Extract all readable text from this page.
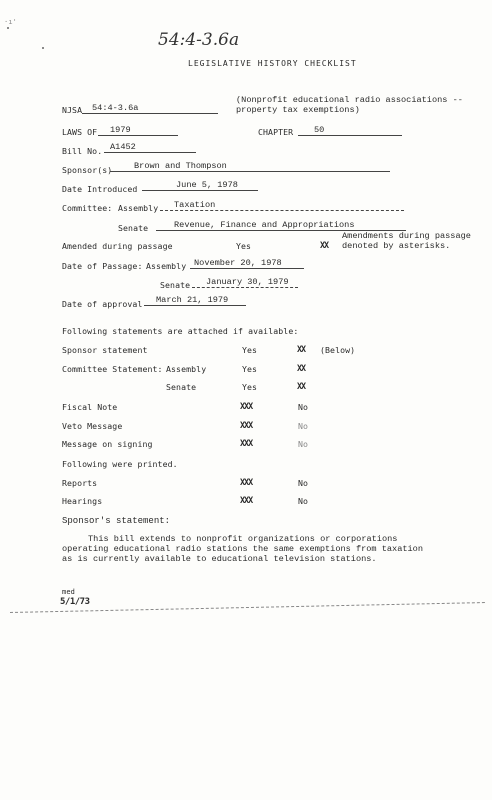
·ı'
54:4-3.6a
LEGISLATIVE HISTORY CHECKLIST
NJSA	54:4-3.6a
(Nonprofit educational radio associations -- property tax exemptions)
LAWS OF	1979	CHAPTER	50
Bill No. A1452
Sponsor(s)	Brown and Thompson
Date Introduced	June 5, 1978
Committee: Assembly	Taxation
Senate	Revenue, Finance and Appropriations
Amended during passage	Yes	XX
Amendments during passage denoted by asterisks.
Date of Passage: Assembly November 20, 1978
Senate	January 30, 1979
Date of approval	March 21, 1979
Following statements are attached if available:
Sponsor statement	Yes	XX (Below)
Committee Statement: Assembly	Yes	XX
Senate	Yes	XX
Fiscal Note	XXX	No
Veto Message	XXX	No
Message on signing	XXX	No
Following were printed.
Reports	XXX	No
Hearings	XXX	No
Sponsor's statement:
This bill extends to nonprofit organizations or corporations
operating educational radio stations the same exemptions from taxation
as is currently available to educational television stations.
med
5/1/73
